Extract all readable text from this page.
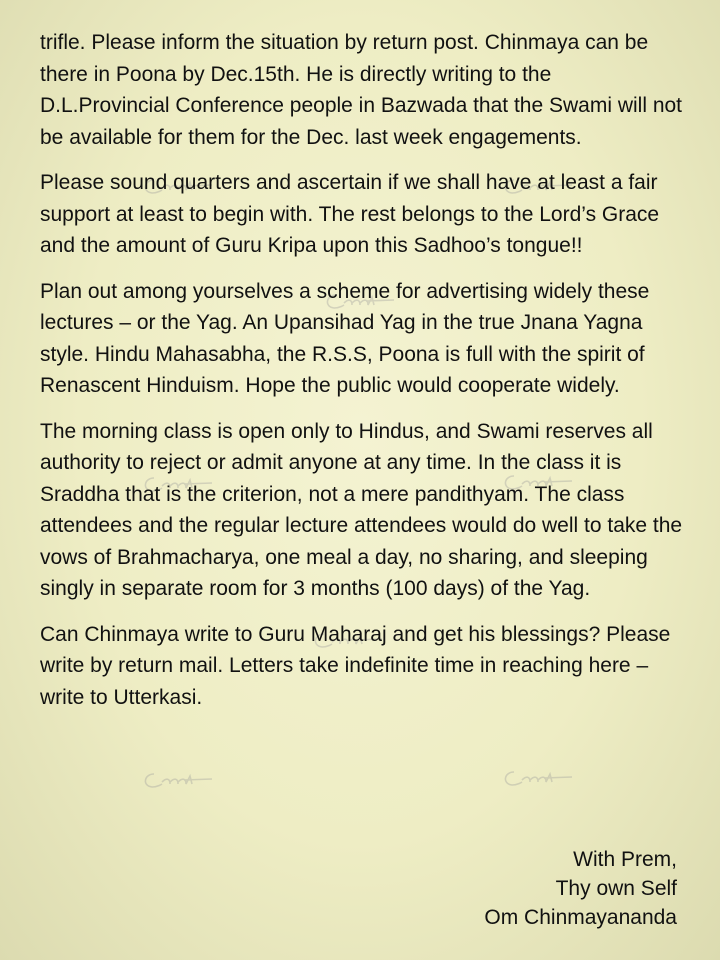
trifle. Please inform the situation by return post. Chinmaya can be there in Poona by Dec.15th. He is directly writing to the D.L.Provincial Conference people in Bazwada that the Swami will not be available for them for the Dec. last week engagements.

Please sound quarters and ascertain if we shall have at least a fair support at least to begin with. The rest belongs to the Lord’s Grace and the amount of Guru Kripa upon this Sadhoo’s tongue!!

Plan out among yourselves a scheme for advertising widely these lectures – or the Yag. An Upansihad Yag in the true Jnana Yagna style. Hindu Mahasabha, the R.S.S, Poona is full with the spirit of Renascent Hinduism. Hope the public would cooperate widely.

The morning class is open only to Hindus, and Swami reserves all authority to reject or admit anyone at any time. In the class it is Sraddha that is the criterion, not a mere pandithyam. The class attendees and the regular lecture attendees would do well to take the vows of Brahmacharya, one meal a day, no sharing, and sleeping singly in separate room for 3 months (100 days) of the Yag.

Can Chinmaya write to Guru Maharaj and get his blessings? Please write by return mail. Letters take indefinite time in reaching here – write to Utterkasi.

With Prem,
Thy own Self
Om Chinmayananda
